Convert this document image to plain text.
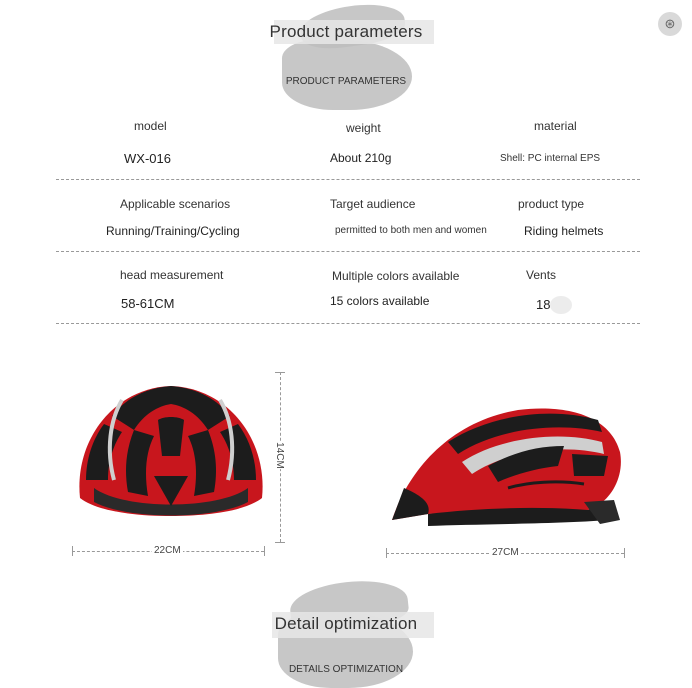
⊛
Product parameters
PRODUCT PARAMETERS
model	weight	material
WX-016	About 210g	Shell: PC internal EPS
Applicable scenarios	Target audience	product type
Running/Training/Cycling	permitted to both men and women	Riding helmets
head measurement	Multiple colors available	Vents
58-61CM	15 colors available	18
14CM
22CM	27CM
Detail optimization
DETAILS OPTIMIZATION
